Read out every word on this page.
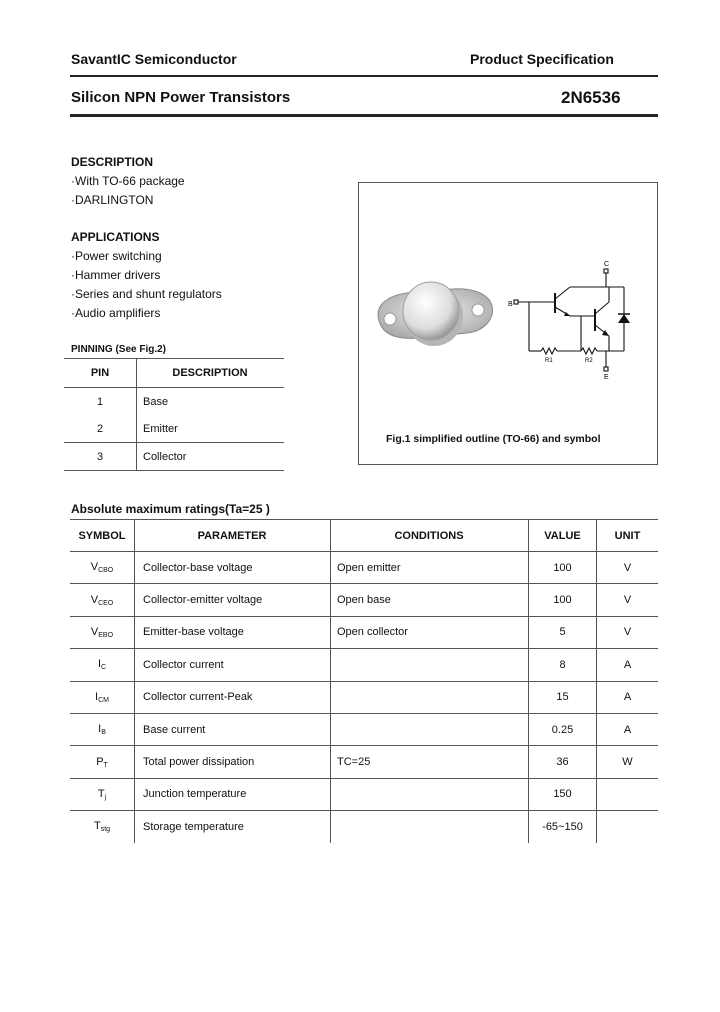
SavantIC Semiconductor	Product Specification
Silicon NPN Power Transistors	2N6536
DESCRIPTION
·With TO-66 package
·DARLINGTON
APPLICATIONS
·Power switching
·Hammer drivers
·Series and shunt regulators
·Audio amplifiers
PINNING (See Fig.2)
PIN	DESCRIPTION
1	Base
2	Emitter
3	Collector
C
B
E
R1	R2
Fig.1 simplified outline (TO-66) and symbol
Absolute maximum ratings(Ta=25 )
SYMBOL	PARAMETER	CONDITIONS	VALUE	UNIT
$V_{CBO}$	Collector-base voltage	Open emitter	100	V
$V_{CEO}$	Collector-emitter voltage	Open base	100	V
$V_{EBO}$	Emitter-base voltage	Open collector	5	V
$I_C$	Collector current		8	A
$I_{CM}$	Collector current-Peak		15	A
$I_B$	Base current		0.25	A
$P_T$	Total power dissipation	TC=25	36	W
$T_j$	Junction temperature		150	
$T_{stg}$	Storage temperature		-65~150	
